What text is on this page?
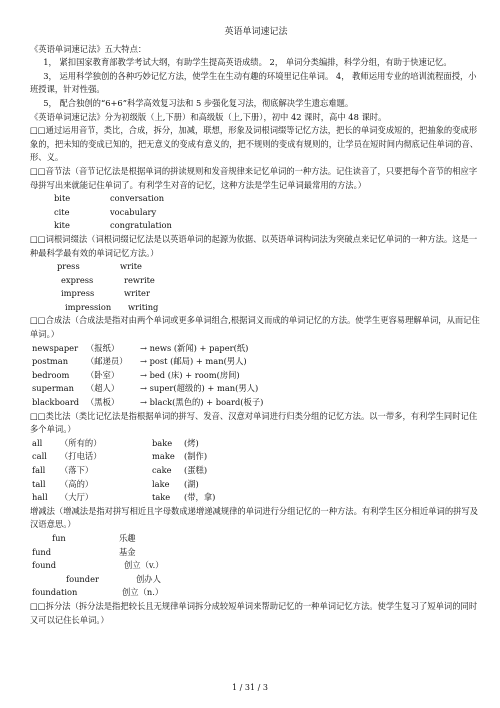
英语单词速记法

《英语单词速记法》五大特点：

1， 紧扣国家教育部教学考试大纲，有助学生提高英语成绩。 2， 单词分类编排，科学分组，有助于快速记忆。

3， 运用科学独创的各种巧妙记忆方法，使学生在生动有趣的环境里记住单词。 4， 教师运用专业的培训流程面授，小班授课，针对性强。

5， 配合独创的“6+6”科学高效复习法和 5 步强化复习法，彻底解决学生遗忘难题。

《英语单词速记法》分为初级版（上,下册）和高级版（上,下册），初中 42 课时，高中 48 课时。

□□通过运用音节，类比，合成，拆分，加减，联想，形象及词根词缀等记忆方法，把长的单词变成短的，把抽象的变成形象的，把未知的变成已知的，把无意义的变成有意义的，把不规则的变成有规则的，让学员在短时间内彻底记住单词的音、形、义。

□□音节法（音节记忆法是根据单词的拼读规则和发音规律来记忆单词的一种方法。记住读音了，只要把每个音节的相应字母拼写出来就能记住单词了。有利学生对音的记忆，这种方法是学生记单词最常用的方法。）

bite	conversation
cite	vocabulary
kite	congratulation

□□词根词缀法（词根词缀记忆法是以英语单词的起源为依据、以英语单词构词法为突破点来记忆单词的一种方法。这是一种最科学最有效的单词记忆方法。）

press	write
express	rewrite
impress	writer
impression	writing

□□合成法（合成法是指对由两个单词或更多单词组合,根据词义而成的单词记忆的方法。使学生更容易理解单词，从而记住单词。）

newspaper （报纸）	→ news (新闻) + paper(纸)
postman	（邮递员）	→ post (邮局) + man(男人)
bedroom	（卧室）	→ bed (床) + room(房间)
superman	（超人）	→ super(超级的) + man(男人)
blackboard （黑板）	→ black(黑色的) + board(板子)

□□类比法（类比记忆法是指根据单词的拼写、发音、汉意对单词进行归类分组的记忆方法。以一带多，有利学生同时记住多个单词。）

all	（所有的）	bake	(烤)
call	（打电话）	make	(制作)
fall	（落下）	cake	(蛋糕)
tall	（高的）	lake	(湖)
hall	（大厅）	take	(带，拿)

增减法（增减法是指对拼写相近且字母数成递增递减规律的单词进行分组记忆的一种方法。有利学生区分相近单词的拼写及汉语意思。）

fun	乐趣
fund	基金
found	创立（v.）
founder	创办人
foundation	创立（n.）

□□拆分法（拆分法是指把较长且无规律单词拆分成较短单词来帮助记忆的一种单词记忆方法。使学生复习了短单词的同时又可以记住长单词。）

1 / 31 / 3
